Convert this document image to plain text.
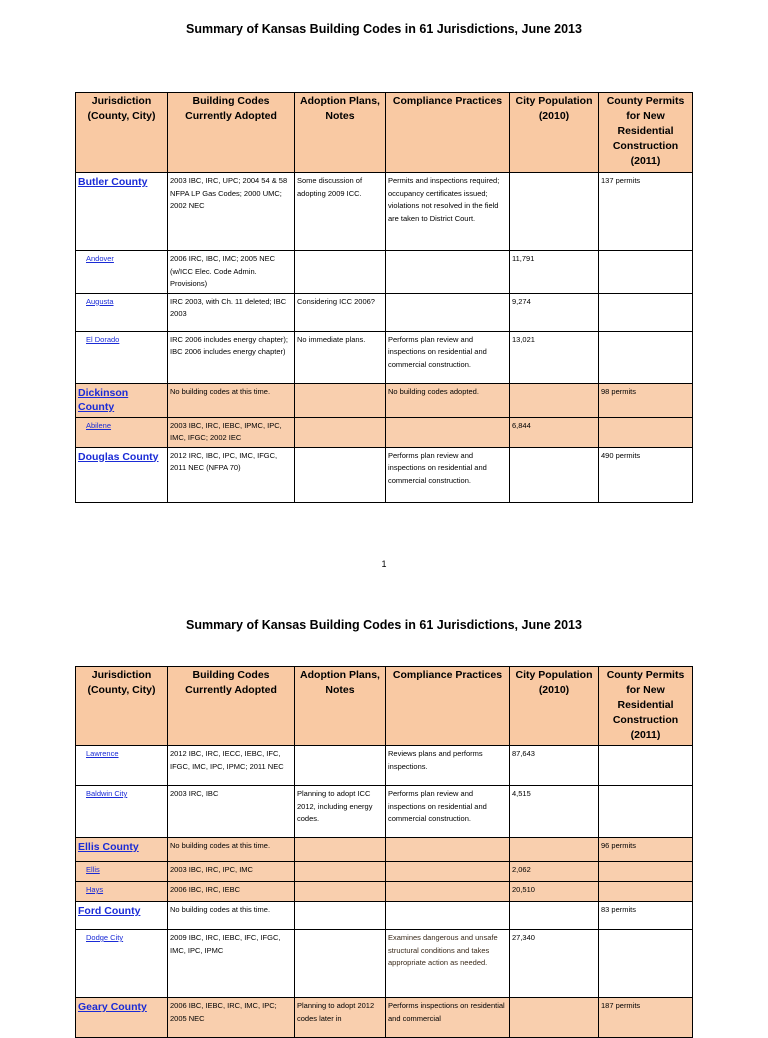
Summary of Kansas Building Codes in 61 Jurisdictions, June 2013
Jurisdiction (County, City)	Building Codes Currently Adopted	Adoption Plans, Notes	Compliance Practices	City Population (2010)	County Permits for New Residential Construction (2011)
Butler County	2003 IBC, IRC, UPC; 2004 54 & 58 NFPA LP Gas Codes; 2000 UMC; 2002 NEC	Some discussion of adopting 2009 ICC.	Permits and inspections required; occupancy certificates issued; violations not resolved in the field are taken to District Court.		137 permits
Andover	2006 IRC, IBC, IMC; 2005 NEC (w/ICC Elec. Code Admin. Provisions)			11,791	
Augusta	IRC 2003, with Ch. 11 deleted; IBC 2003	Considering ICC 2006?		9,274	
El Dorado	IRC 2006 includes energy chapter); IBC 2006 includes energy chapter)	No immediate plans.	Performs plan review and inspections on residential and commercial construction.	13,021	
Dickinson County	No building codes at this time.		No building codes adopted.		98 permits
Abilene	2003 IBC, IRC, IEBC, IPMC, IPC, IMC, IFGC; 2002 IEC			6,844	
Douglas County	2012 IRC, IBC, IPC, IMC, IFGC, 2011 NEC (NFPA 70)		Performs plan review and inspections on residential and commercial construction.		490 permits
1
Summary of Kansas Building Codes in 61 Jurisdictions, June 2013
Jurisdiction (County, City)	Building Codes Currently Adopted	Adoption Plans, Notes	Compliance Practices	City Population (2010)	County Permits for New Residential Construction (2011)
Lawrence	2012 IBC, IRC, IECC, IEBC, IFC, IFGC, IMC, IPC, IPMC; 2011 NEC		Reviews plans and performs inspections.	87,643	
Baldwin City	2003 IRC, IBC	Planning to adopt ICC 2012, including energy codes.	Performs plan review and inspections on residential and commercial construction.	4,515	
Ellis County	No building codes at this time.				96 permits
Ellis	2003 IBC, IRC, IPC, IMC			2,062	
Hays	2006 IBC, IRC, IEBC			20,510	
Ford County	No building codes at this time.				83 permits
Dodge City	2009 IBC, IRC, IEBC, IFC, IFGC, IMC, IPC, IPMC		Examines dangerous and unsafe structural conditions and takes appropriate action as needed.	27,340	
Geary County	2006 IBC, IEBC, IRC, IMC, IPC; 2005 NEC	Planning to adopt 2012 codes later in	Performs inspections on residential and commercial		187 permits
